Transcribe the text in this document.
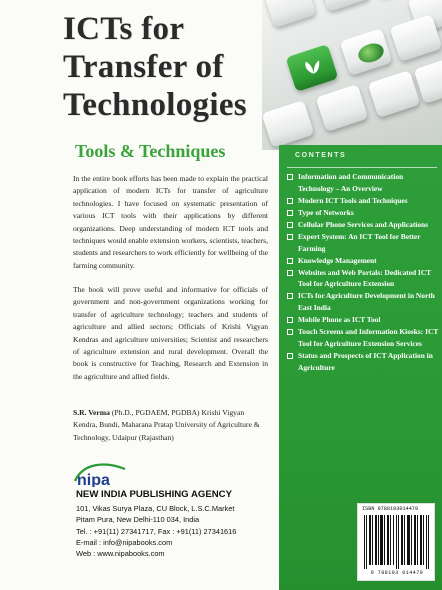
ICTs for
Transfer of
Technologies
Tools & Techniques

In the entire book efforts has been made to explain the practical application of modern ICTs for transfer of agriculture technologies. I have focused on systematic presentation of various ICT tools with their applications by different organizations. Deep understanding of modern ICT tools and techniques would enable extension workers, scientists, teachers, students and researchers to work efficiently for wellbeing of the farming community.

The book will prove useful and informative for officials of government and non-government organizations working for transfer of agriculture technology; teachers and students of agriculture and allied sectors; Officials of Krishi Vigyan Kendras and agriculture universities; Scientist and researchers of agriculture extension and rural development. Overall the book is constructive for Teaching, Research and Extension in the agriculture and allied fields.

S.R. Verma (Ph.D., PGDAEM, PGDBA) Krishi Vigyan Kendra, Bundi, Maharana Pratap University of Agriculture & Technology, Udaipur (Rajasthan)
CONTENTS
Information and Communication Technology – An Overview
Modern ICT Tools and Techniques
Type of Networks
Cellular Phone Services and Applications
Expert System: An ICT Tool for Better Farming
Knowledge Management
Websites and Web Portals: Dedicated ICT Tool for Agriculture Extension
ICTs for Agriculture Development in North East India
Mobile Phone as ICT Tool
Touch Screens and Information Kiosks: ICT Tool for Agriculture Extension Services
Status and Prospects of ICT Application in Agriculture
ISBN 9788193014479
9 788193 014479
nipa
NEW INDIA PUBLISHING AGENCY
101, Vikas Surya Plaza, CU Block, L.S.C.Market
Pitam Pura, New Delhi-110 034, India
Tel. : +91(11) 27341717, Fax : +91(11) 27341616
E-mail : info@nipabooks.com
Web : www.nipabooks.com
